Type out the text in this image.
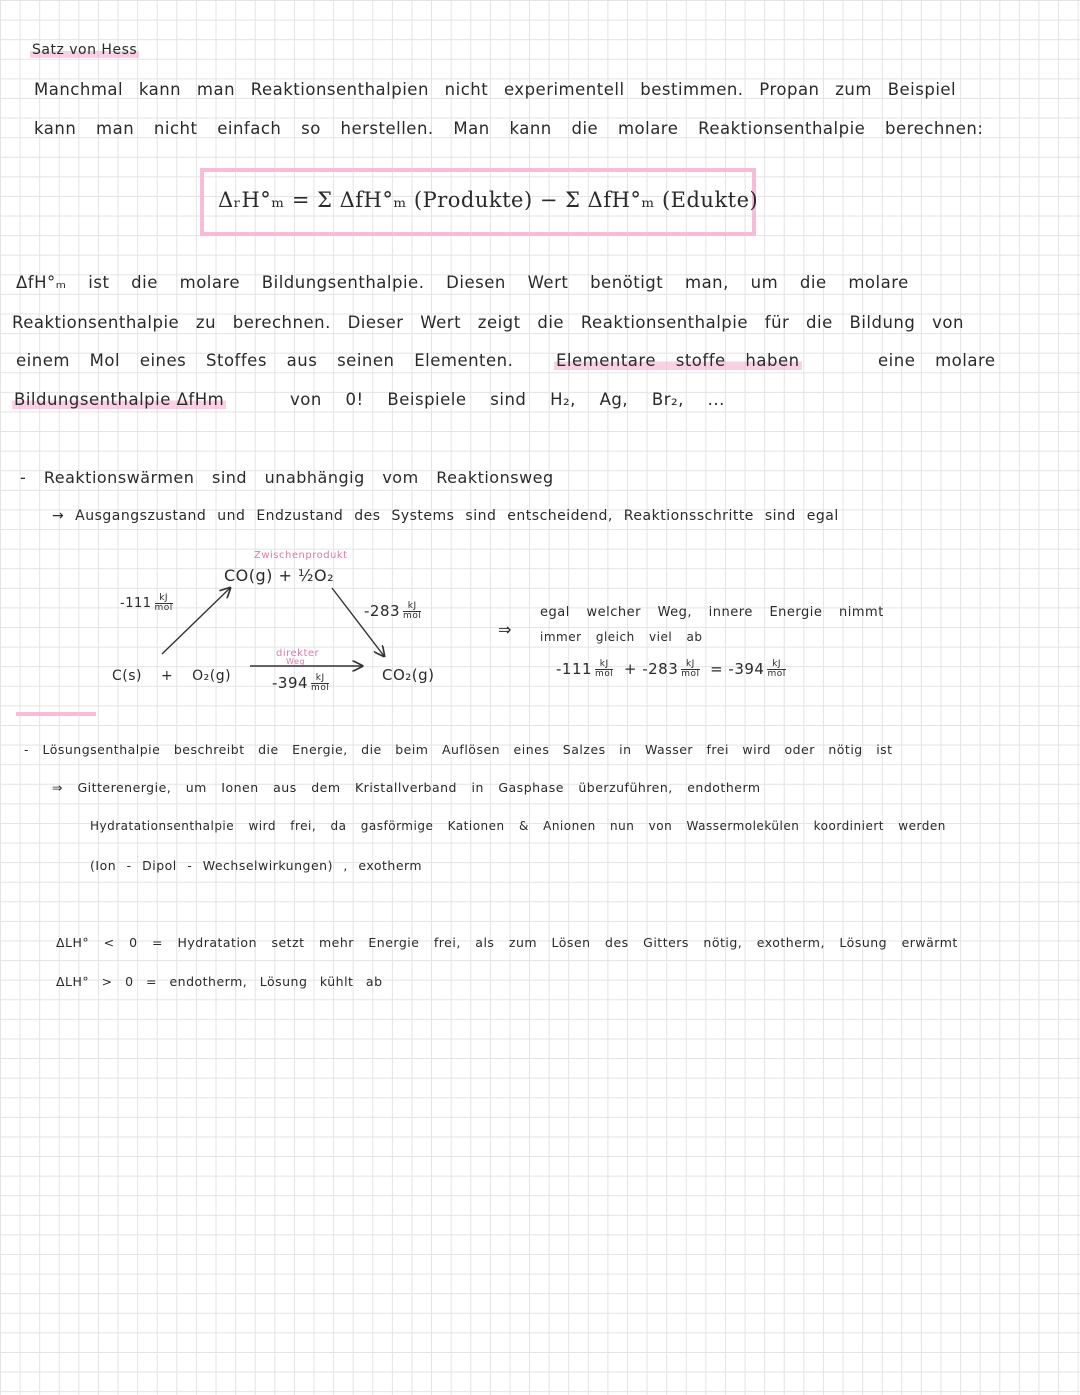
Satz von Hess
Manchmal kann man Reaktionsenthalpien nicht experimentell bestimmen. Propan zum Beispiel
kann man nicht einfach so herstellen. Man kann die molare Reaktionsenthalpie berechnen:
ΔᵣH°ₘ = Σ ΔfH°ₘ (Produkte) − Σ ΔfH°ₘ (Edukte)
ΔfH°ₘ ist die molare Bildungsenthalpie. Diesen Wert benötigt man, um die molare
Reaktionsenthalpie zu berechnen. Dieser Wert zeigt die Reaktionsenthalpie für die Bildung von
einem Mol eines Stoffes aus seinen Elementen.	Elementare stoffe haben	eine molare
Bildungsenthalpie ΔfHm	von 0! Beispiele sind H₂, Ag, Br₂, ...
- Reaktionswärmen sind unabhängig vom Reaktionsweg
→ Ausgangszustand und Endzustand des Systems sind entscheidend, Reaktionsschritte sind egal
Zwischenprodukt
CO(g) + ½O₂
C(s) + O₂(g)	CO₂(g)
$-111 \frac{kJ}{\text{mol}}$	$-283 \frac{kJ}{\text{mol}}$
direkter
Weg
$-394 \frac{kJ}{\text{mol}}$
⇒
egal welcher Weg, innere Energie nimmt
immer gleich viel ab
$-111 \frac{kJ}{\text{mol}} + -283 \frac{kJ}{\text{mol}} = -394 \frac{kJ}{\text{mol}}$
- Lösungsenthalpie beschreibt die Energie, die beim Auflösen eines Salzes in Wasser frei wird oder nötig ist
⇒ Gitterenergie, um Ionen aus dem Kristallverband in Gasphase überzuführen, endotherm
Hydratationsenthalpie wird frei, da gasförmige Kationen & Anionen nun von Wassermolekülen koordiniert werden
(Ion - Dipol - Wechselwirkungen) , exotherm
ΔLH° < 0 = Hydratation setzt mehr Energie frei, als zum Lösen des Gitters nötig, exotherm, Lösung erwärmt
ΔLH° > 0 = endotherm, Lösung kühlt ab
